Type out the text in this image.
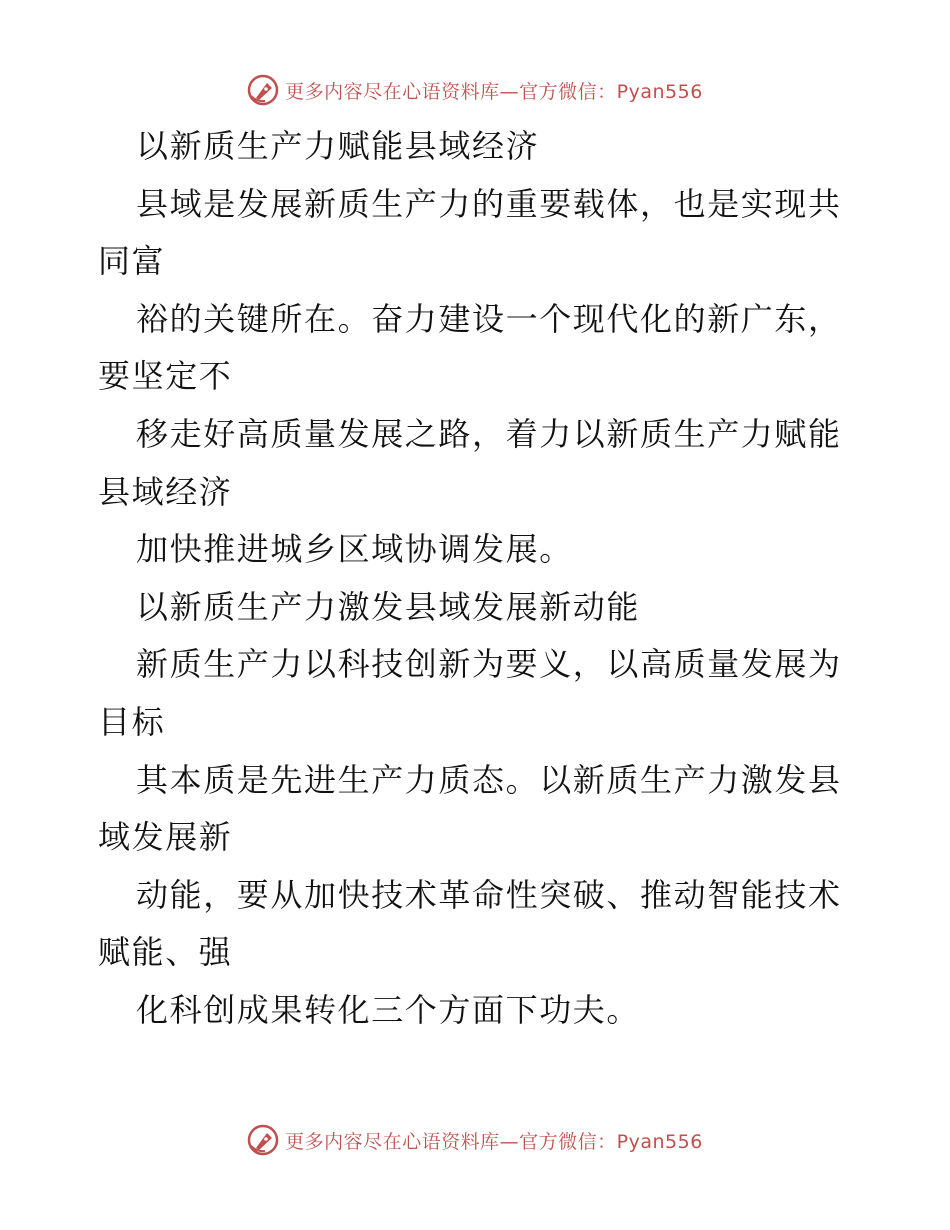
更多内容尽在心语资料库—官方微信：Pyan556
以新质生产力赋能县域经济
县域是发展新质生产力的重要载体，也是实现共
同富
裕的关键所在。奋力建设一个现代化的新广东，
要坚定不
移走好高质量发展之路，着力以新质生产力赋能
县域经济
加快推进城乡区域协调发展。
以新质生产力激发县域发展新动能
新质生产力以科技创新为要义，以高质量发展为
目标
其本质是先进生产力质态。以新质生产力激发县
域发展新
动能，要从加快技术革命性突破、推动智能技术
赋能、强
化科创成果转化三个方面下功夫。
更多内容尽在心语资料库—官方微信：Pyan556
